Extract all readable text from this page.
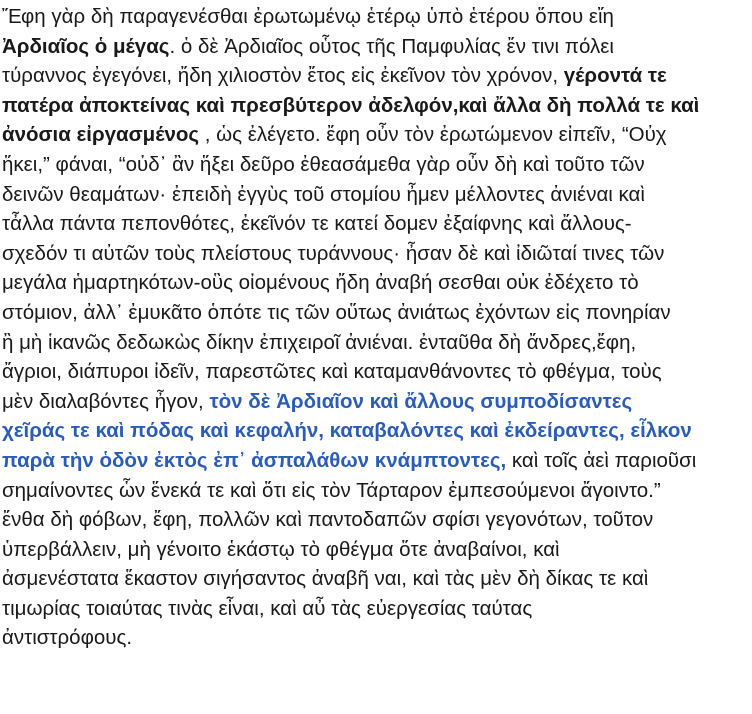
Ἔφη γὰρ δὴ παραγενέσθαι ἐρωτωμένῳ ἑτέρῳ ὑπὸ ἑτέρου ὅπου εἴη
Ἀρδιαῖος ὁ μέγας. ὁ δὲ Ἀρδιαῖος οὗτος τῆς Παμφυλίας ἔν τινι πόλει
τύραννος ἐγεγόνει, ἤδη χιλιοστὸν ἔτος εἰς ἐκεῖνον τὸν χρόνον, γέροντά τε
πατέρα ἀποκτείνας καὶ πρεσβύτερον ἀδελφόν,καὶ ἄλλα δὴ πολλά τε καὶ
ἀνόσια εἰργασμένος , ὡς ἐλέγετο. ἔφη οὖν τὸν ἐρωτώμενον εἰπεῖν, “Οὐχ
ἥκει,” φάναι, “οὐδ᾽ ἂν ἥξει δεῦρο ἐθεασάμεθα γὰρ οὖν δὴ καὶ τοῦτο τῶν
δεινῶν θεαμάτων· ἐπειδὴ ἐγγὺς τοῦ στομίου ἦμεν μέλλοντες ἀνιέναι καὶ
τἆλλα πάντα πεπονθότες, ἐκεῖνόν τε κατεί δομεν ἐξαίφνης καὶ ἄλλους-
σχεδόν τι αὐτῶν τοὺς πλείστους τυράννους· ἦσαν δὲ καὶ ἰδιῶταί τινες τῶν
μεγάλα ἡμαρτηκότων-οὓς οἰομένους ἤδη ἀναβή σεσθαι οὐκ ἐδέχετο τὸ
στόμιον, ἀλλ᾽ ἐμυκᾶτο ὁπότε τις τῶν οὕτως ἀνιάτως ἐχόντων εἰς πονηρίαν
ἢ μὴ ἱκανῶς δεδωκὼς δίκην ἐπιχειροῖ ἀνιέναι. ἐνταῦθα δὴ ἄνδρες,ἔφη,
ἄγριοι, διάπυροι ἰδεῖν, παρεστῶτες καὶ καταμανθάνοντες τὸ φθέγμα, τοὺς
μὲν διαλαβόντες ἦγον, τὸν δὲ Ἀρδιαῖον καὶ ἄλλους συμποδίσαντες
χεῖράς τε καὶ πόδας καὶ κεφαλήν, καταβαλόντες καὶ ἐκδείραντες, εἷλκον
παρὰ τὴν ὁδὸν ἐκτὸς ἐπ᾽ ἀσπαλάθων κνάμπτοντες, καὶ τοῖς ἀεὶ παριοῦσι
σημαίνοντες ὧν ἕνεκά τε καὶ ὅτι εἰς τὸν Τάρταρον ἐμπεσούμενοι ἄγοιντο.”
ἔνθα δὴ φόβων, ἔφη, πολλῶν καὶ παντοδαπῶν σφίσι γεγονότων, τοῦτον
ὑπερβάλλειν, μὴ γένοιτο ἑκάστῳ τὸ φθέγμα ὅτε ἀναβαίνοι, καὶ
ἀσμενέστατα ἕκαστον σιγήσαντος ἀναβῆ ναι, καὶ τὰς μὲν δὴ δίκας τε καὶ
τιμωρίας τοιαύτας τινὰς εἶναι, καὶ αὖ τὰς εὐεργεσίας ταύτας
ἀντιστρόφους.
